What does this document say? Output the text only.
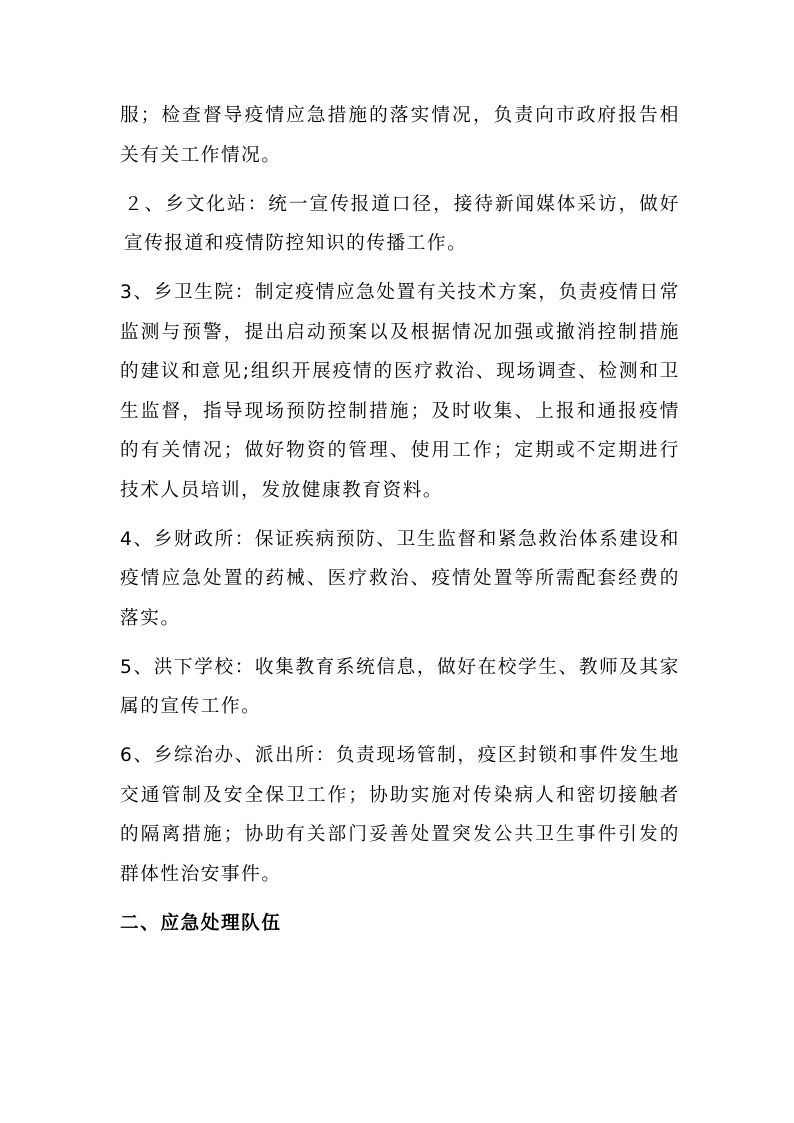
服；检查督导疫情应急措施的落实情况，负责向市政府报告相关有关工作情况。

２、乡文化站：统一宣传报道口径，接待新闻媒体采访，做好宣传报道和疫情防控知识的传播工作。

3、乡卫生院：制定疫情应急处置有关技术方案，负责疫情日常监测与预警，提出启动预案以及根据情况加强或撤消控制措施的建议和意见;组织开展疫情的医疗救治、现场调查、检测和卫生监督，指导现场预防控制措施；及时收集、上报和通报疫情的有关情况；做好物资的管理、使用工作；定期或不定期进行技术人员培训，发放健康教育资料。

4、乡财政所：保证疾病预防、卫生监督和紧急救治体系建设和疫情应急处置的药械、医疗救治、疫情处置等所需配套经费的落实。

5、洪下学校：收集教育系统信息，做好在校学生、教师及其家属的宣传工作。

6、乡综治办、派出所：负责现场管制，疫区封锁和事件发生地交通管制及安全保卫工作；协助实施对传染病人和密切接触者的隔离措施；协助有关部门妥善处置突发公共卫生事件引发的群体性治安事件。

二、应急处理队伍
